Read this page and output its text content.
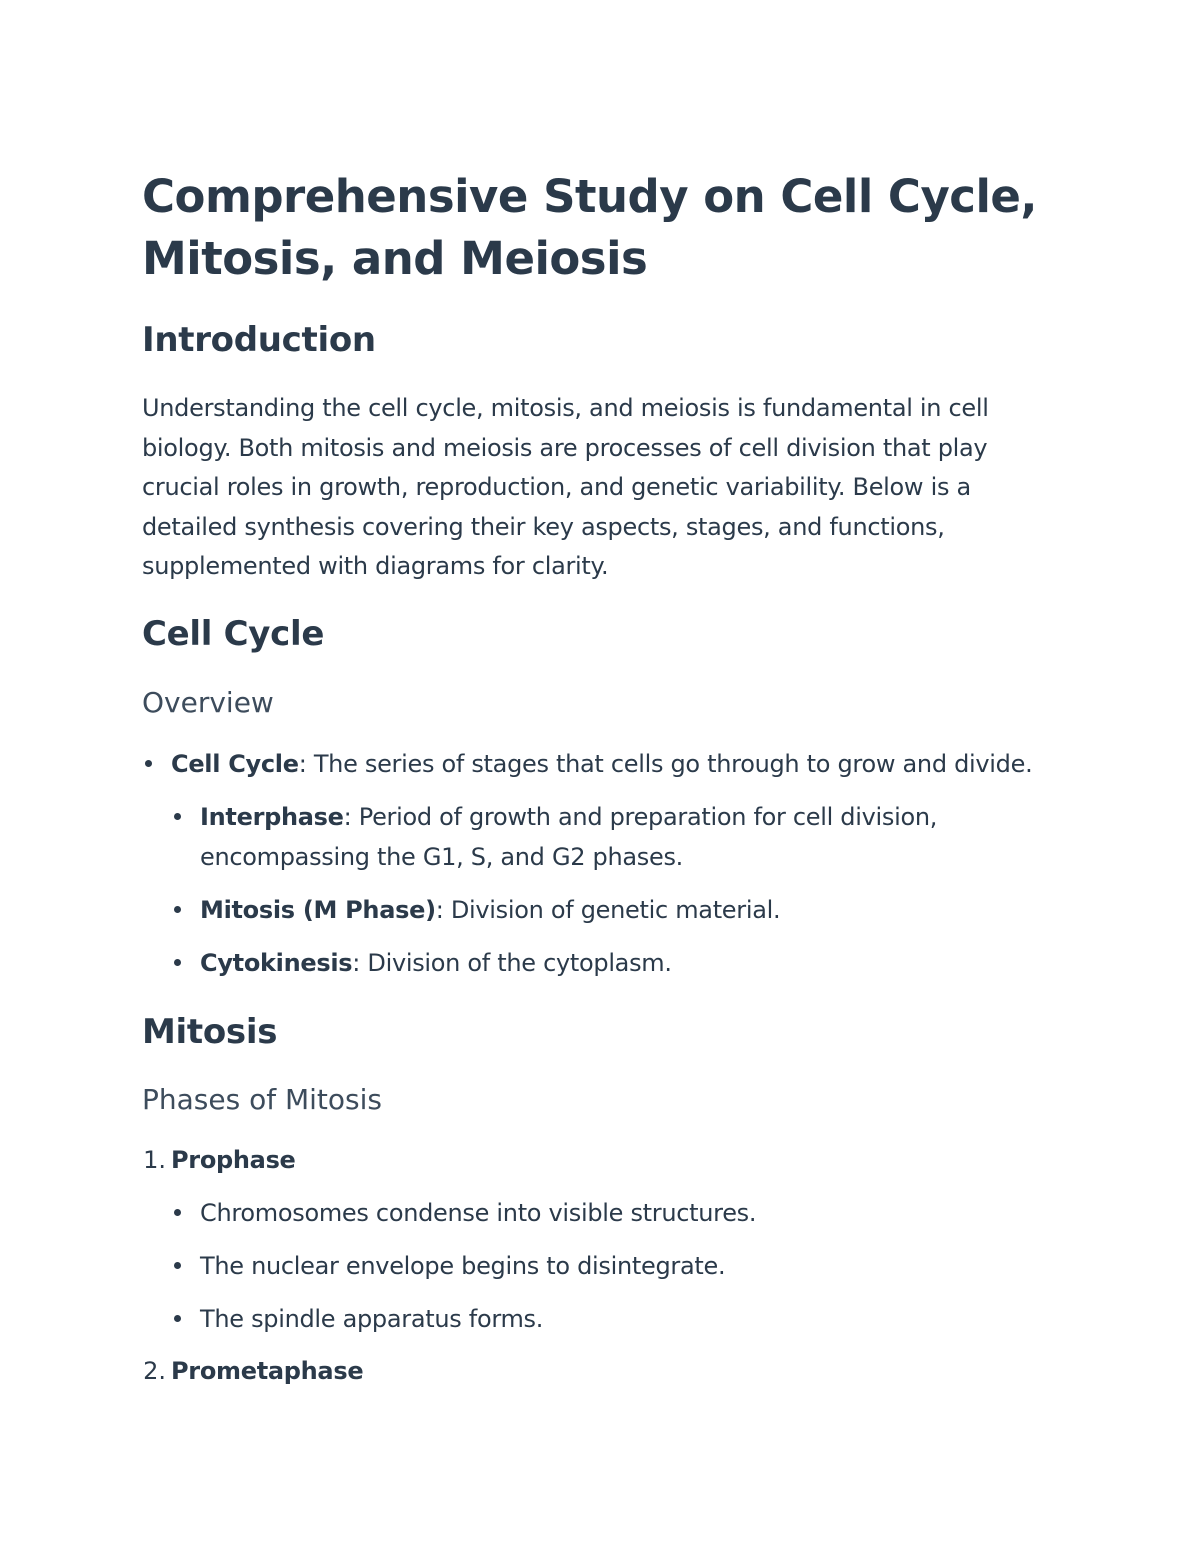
Comprehensive Study on Cell Cycle, Mitosis, and Meiosis
Introduction

Understanding the cell cycle, mitosis, and meiosis is fundamental in cell biology. Both mitosis and meiosis are processes of cell division that play crucial roles in growth, reproduction, and genetic variability. Below is a detailed synthesis covering their key aspects, stages, and functions, supplemented with diagrams for clarity.

Cell Cycle
Overview
Cell Cycle: The series of stages that cells go through to grow and divide.
Interphase: Period of growth and preparation for cell division,
encompassing the G1, S, and G2 phases.
Mitosis (M Phase): Division of genetic material.
Cytokinesis: Division of the cytoplasm.
Mitosis
Phases of Mitosis
1. Prophase
Chromosomes condense into visible structures.
The nuclear envelope begins to disintegrate.
The spindle apparatus forms.
2. Prometaphase
